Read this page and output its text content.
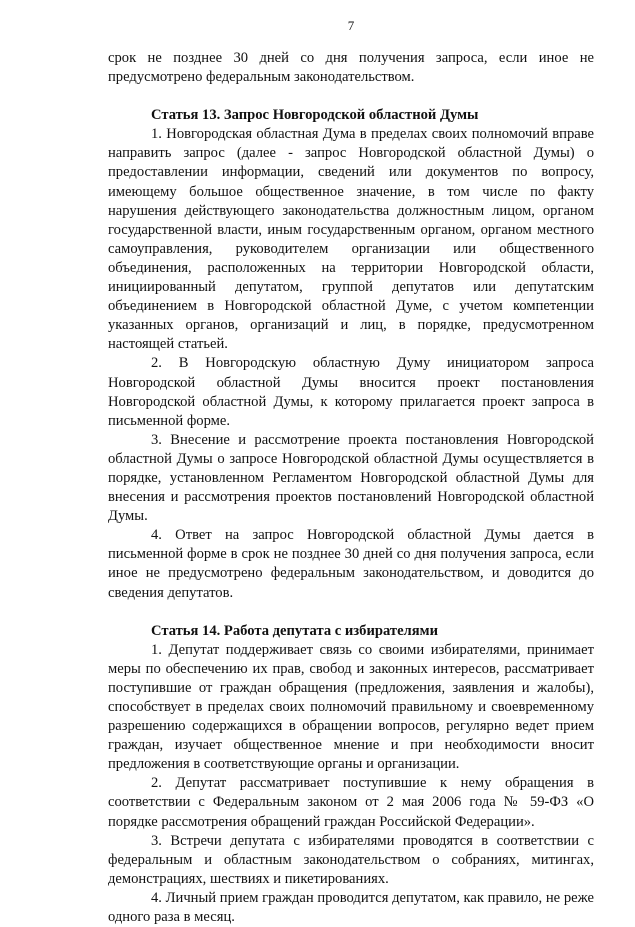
7

срок не позднее 30 дней со дня получения запроса, если иное не предусмотрено федеральным законодательством.

Статья 13. Запрос Новгородской областной Думы

1. Новгородская областная Дума в пределах своих полномочий вправе направить запрос (далее - запрос Новгородской областной Думы) о предоставлении информации, сведений или документов по вопросу, имеющему большое общественное значение, в том числе по факту нарушения действующего законодательства должностным лицом, органом государственной власти, иным государственным органом, органом местного самоуправления, руководителем организации или общественного объединения, расположенных на территории Новгородской области, инициированный депутатом, группой депутатов или депутатским объединением в Новгородской областной Думе, с учетом компетенции указанных органов, организаций и лиц, в порядке, предусмотренном настоящей статьей.

2. В Новгородскую областную Думу инициатором запроса Новгородской областной Думы вносится проект постановления Новгородской областной Думы, к которому прилагается проект запроса в письменной форме.

3. Внесение и рассмотрение проекта постановления Новгородской областной Думы о запросе Новгородской областной Думы осуществляется в порядке, установленном Регламентом Новгородской областной Думы для внесения и рассмотрения проектов постановлений Новгородской областной Думы.

4. Ответ на запрос Новгородской областной Думы дается в письменной форме в срок не позднее 30 дней со дня получения запроса, если иное не предусмотрено федеральным законодательством, и доводится до сведения депутатов.

Статья 14. Работа депутата с избирателями

1. Депутат поддерживает связь со своими избирателями, принимает меры по обеспечению их прав, свобод и законных интересов, рассматривает поступившие от граждан обращения (предложения, заявления и жалобы), способствует в пределах своих полномочий правильному и своевременному разрешению содержащихся в обращении вопросов, регулярно ведет прием граждан, изучает общественное мнение и при необходимости вносит предложения в соответствующие органы и организации.

2. Депутат рассматривает поступившие к нему обращения в соответствии с Федеральным законом от 2 мая 2006 года № 59-ФЗ «О порядке рассмотрения обращений граждан Российской Федерации».

3. Встречи депутата с избирателями проводятся в соответствии с федеральным и областным законодательством о собраниях, митингах, демонстрациях, шествиях и пикетированиях.

4. Личный прием граждан проводится депутатом, как правило, не реже одного раза в месяц.
